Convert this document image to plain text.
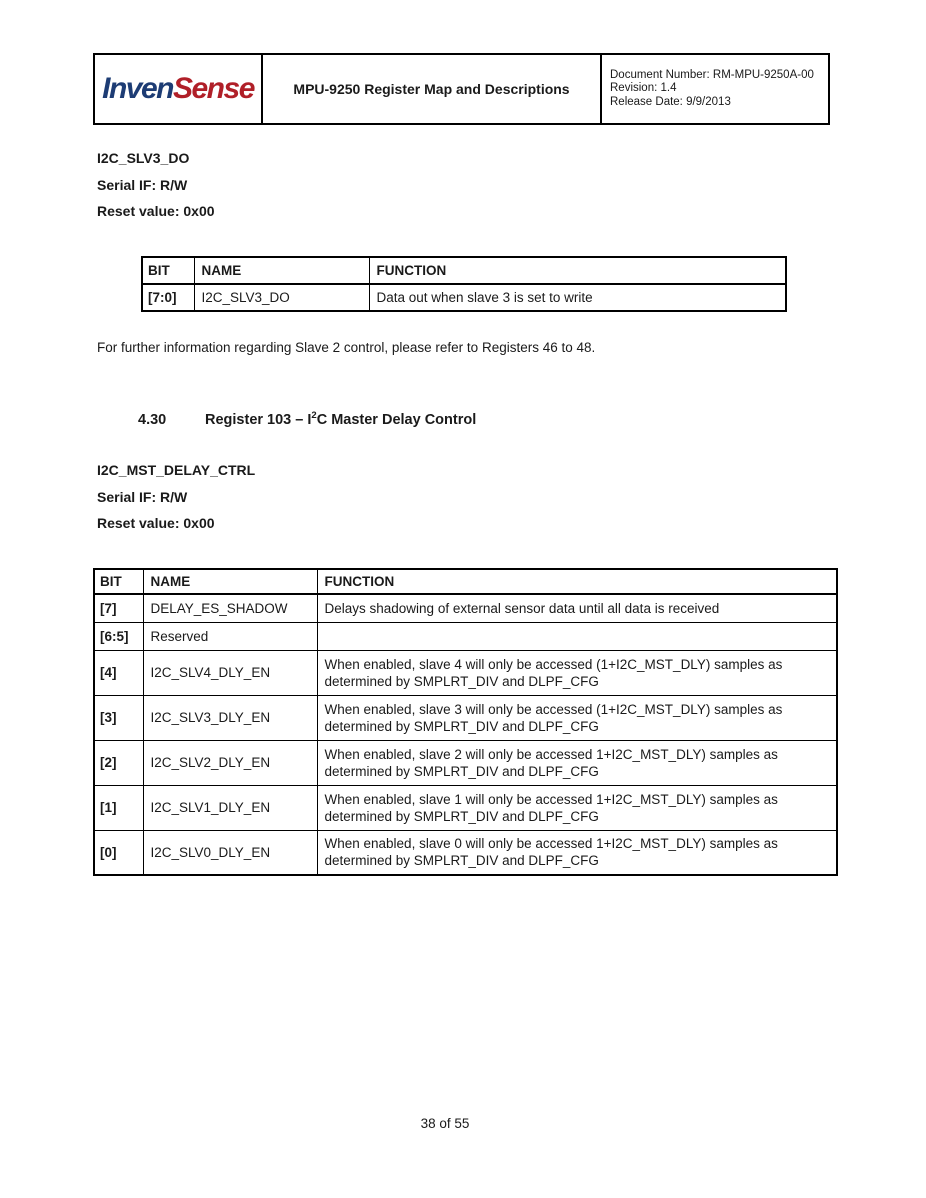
InvenSense	MPU-9250 Register Map and Descriptions
Document Number: RM-MPU-9250A-00
Revision: 1.4
Release Date: 9/9/2013
I2C_SLV3_DO
Serial IF: R/W
Reset value: 0x00
BIT	NAME	FUNCTION
[7:0]	I2C_SLV3_DO	Data out when slave 3 is set to write
For further information regarding Slave 2 control, please refer to Registers 46 to 48.
4.30	Register $103 - I^2C$ Master Delay Control
I2C_MST_DELAY_CTRL
Serial IF: R/W
Reset value: 0x00
BIT	NAME	FUNCTION
[7]	DELAY_ES_SHADOW	Delays shadowing of external sensor data until all data is received
[6:5]	Reserved	
[4]	I2C_SLV4_DLY_EN	When enabled, slave 4 will only be accessed (1+I2C_MST_DLY) samples as determined by SMPLRT_DIV and DLPF_CFG
[3]	I2C_SLV3_DLY_EN	When enabled, slave 3 will only be accessed (1+I2C_MST_DLY) samples as determined by SMPLRT_DIV and DLPF_CFG
[2]	I2C_SLV2_DLY_EN	When enabled, slave 2 will only be accessed 1+I2C_MST_DLY) samples as determined by SMPLRT_DIV and DLPF_CFG
[1]	I2C_SLV1_DLY_EN	When enabled, slave 1 will only be accessed 1+I2C_MST_DLY) samples as determined by SMPLRT_DIV and DLPF_CFG
[0]	I2C_SLV0_DLY_EN	When enabled, slave 0 will only be accessed 1+I2C_MST_DLY) samples as determined by SMPLRT_DIV and DLPF_CFG
38 of 55
